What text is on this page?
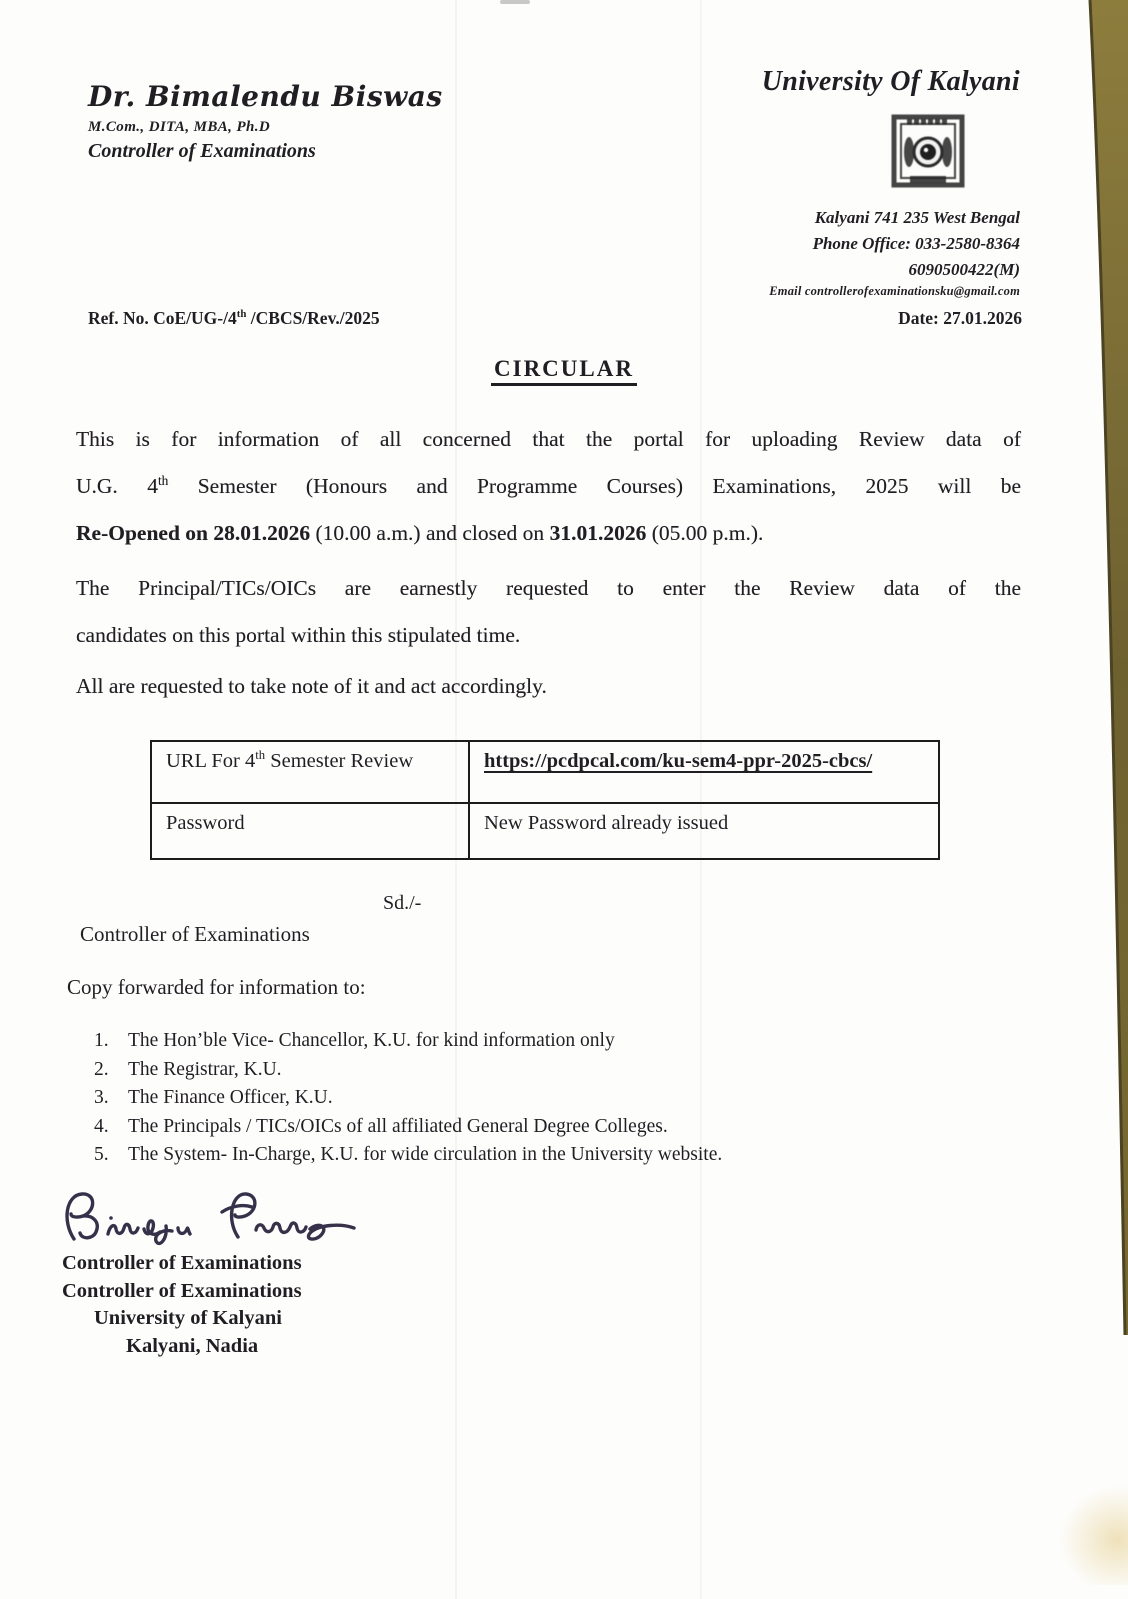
Dr. Bimalendu Biswas
M.Com., DITA, MBA, Ph.D
Controller of Examinations
University Of Kalyani
Kalyani 741 235 West Bengal
Phone Office: 033-2580-8364
6090500422(M)
Email controllerofexaminationsku@gmail.com
Ref. No. CoE/UG-/4th /CBCS/Rev./2025	Date: 27.01.2026
CIRCULAR
This is for information of all concerned that the portal for uploading Review data of
U.G. 4th Semester (Honours and Programme Courses) Examinations, 2025 will be
Re-Opened on 28.01.2026 (10.00 a.m.) and closed on 31.01.2026 (05.00 p.m.).
The Principal/TICs/OICs are earnestly requested to enter the Review data of the
candidates on this portal within this stipulated time.
All are requested to take note of it and act accordingly.
URL For 4th Semester Review	https://pcdpcal.com/ku-sem4-ppr-2025-cbcs/
Password	New Password already issued
Sd./-
Controller of Examinations
Copy forwarded for information to:
1. The Hon’ble Vice- Chancellor, K.U. for kind information only
2. The Registrar, K.U.
3. The Finance Officer, K.U.
4. The Principals / TICs/OICs of all affiliated General Degree Colleges.
5. The System- In-Charge, K.U. for wide circulation in the University website.
Controller of Examinations
Controller of Examinations
University of Kalyani
Kalyani, Nadia
